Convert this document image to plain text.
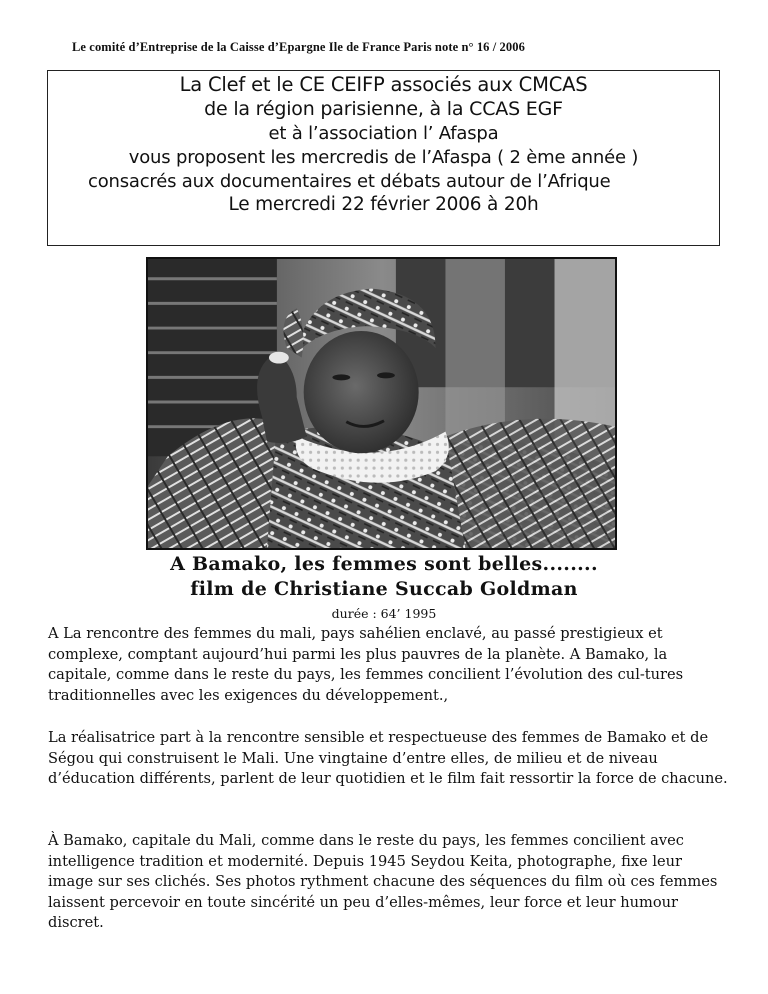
Le comité d’Entreprise de la Caisse d’Epargne Ile de France Paris note n° 16 / 2006
La Clef et le CE CEIFP associés aux CMCAS
de la région parisienne, à la CCAS EGF
et à l’association l’ Afaspa
vous proposent les mercredis de l’Afaspa ( 2 ème année )
consacrés aux documentaires et débats autour de l’Afrique
Le mercredi 22 février 2006 à 20h
A Bamako, les femmes sont belles........
film de Christiane Succab Goldman
durée : 64’ 1995

A La rencontre des femmes du mali, pays sahélien enclavé, au passé prestigieux et complexe, comptant aujourd’hui parmi les plus pauvres de la planète. A Bamako, la capitale, comme dans le reste du pays, les femmes concilient l’évolution des cul-tures traditionnelles avec les exigences du développement.,

La réalisatrice part à la rencontre sensible et respectueuse des femmes de Bamako et de Ségou qui construisent le Mali. Une vingtaine d’entre elles, de milieu et de niveau d’éducation différents, parlent de leur quotidien et le film fait ressortir la force de chacune.

À Bamako, capitale du Mali, comme dans le reste du pays, les femmes concilient avec intelligence tradition et modernité. Depuis 1945 Seydou Keita, photographe, fixe leur image sur ses clichés. Ses photos rythment chacune des séquences du film où ces femmes laissent percevoir en toute sincérité un peu d’elles-mêmes, leur force et leur humour discret.
